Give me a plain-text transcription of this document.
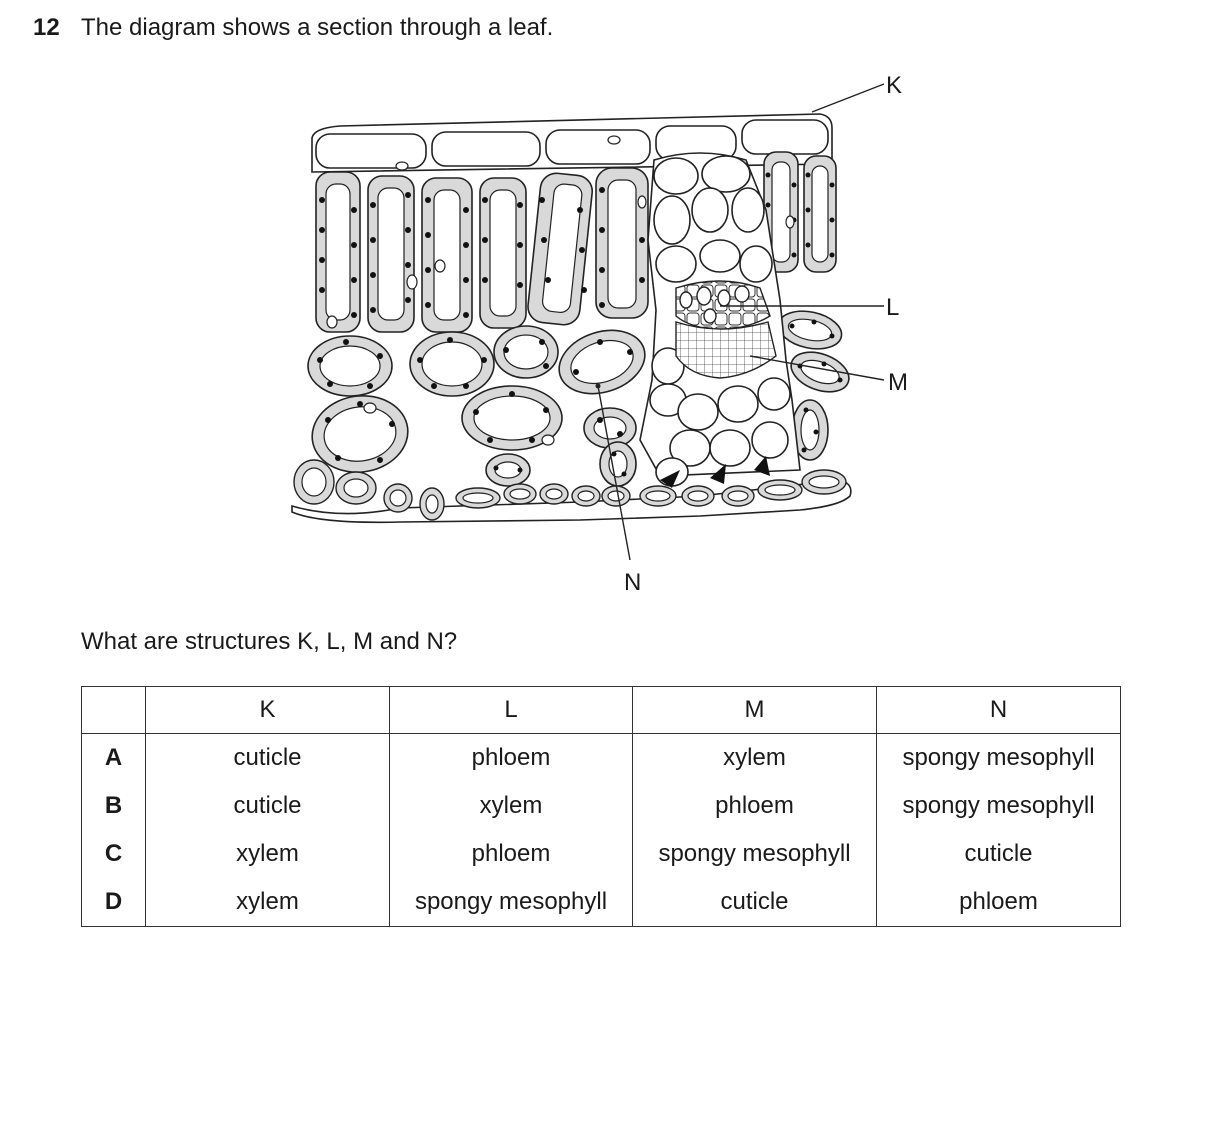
12 The diagram shows a section through a leaf.
K
L
M
N
What are structures K, L, M and N?
	K	L	M	N
A	cuticle	phloem	xylem	spongy mesophyll
B	cuticle	xylem	phloem	spongy mesophyll
C	xylem	phloem	spongy mesophyll	cuticle
D	xylem	spongy mesophyll	cuticle	phloem
